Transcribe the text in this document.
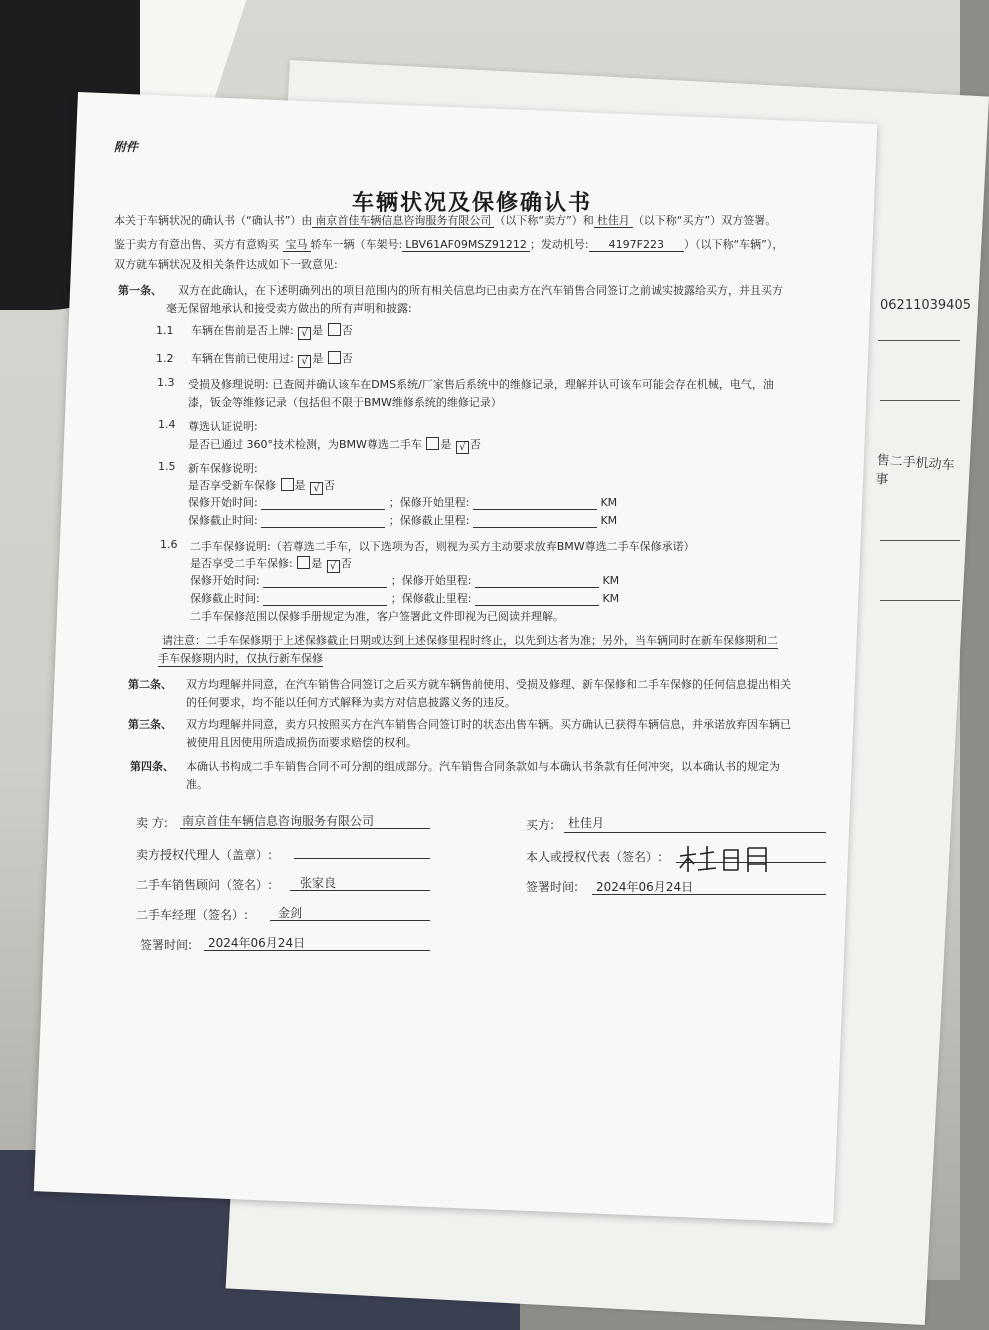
06211039405
售二手机动车事
附件
车辆状况及保修确认书
本关于车辆状况的确认书（“确认书”）由 南京首佳车辆信息咨询服务有限公司 （以下称“卖方”）和 杜佳月 （以下称“买方”）双方签署。
鉴于卖方有意出售、买方有意购买 宝马 轿车一辆（车架号: LBV61AF09MSZ91212 ；发动机号: 4197F223 ）（以下称“车辆”），
双方就车辆状况及相关条件达成如下一致意见:
第一条、 双方在此确认，在下述明确列出的项目范围内的所有相关信息均已由卖方在汽车销售合同签订之前诚实披露给买方，并且买方
毫无保留地承认和接受卖方做出的所有声明和披露:
1.1 车辆在售前是否上牌: √ 是 否
1.2 车辆在售前已使用过: √ 是 否
1.3 受损及修理说明: 已查阅并确认该车在DMS系统/厂家售后系统中的维修记录，理解并认可该车可能会存在机械，电气，油
漆，钣金等维修记录（包括但不限于BMW维修系统的维修记录）
1.4 尊选认证说明:
是否已通过 360°技术检测，为BMW尊选二手车 是 √ 否
1.5 新车保修说明:
是否享受新车保修 是 √ 否
保修开始时间:	；保修开始里程:	KM
保修截止时间:	；保修截止里程:	KM
1.6 二手车保修说明:（若尊选二手车，以下选项为否，则视为买方主动要求放弃BMW尊选二手车保修承诺）
是否享受二手车保修: 是 √ 否
保修开始时间:	；保修开始里程:	KM
保修截止时间:	；保修截止里程:	KM
二手车保修范围以保修手册规定为准，客户签署此文件即视为已阅读并理解。
请注意：二手车保修期于上述保修截止日期或达到上述保修里程时终止，以先到达者为准；另外，当车辆同时在新车保修期和二
手车保修期内时，仅执行新车保修
第二条、 双方均理解并同意，在汽车销售合同签订之后买方就车辆售前使用、受损及修理、新车保修和二手车保修的任何信息提出相关
的任何要求，均不能以任何方式解释为卖方对信息披露义务的违反。
第三条、 双方均理解并同意，卖方只按照买方在汽车销售合同签订时的状态出售车辆。买方确认已获得车辆信息，并承诺放弃因车辆已
被使用且因使用所造成损伤而要求赔偿的权利。
第四条、 本确认书构成二手车销售合同不可分割的组成部分。汽车销售合同条款如与本确认书条款有任何冲突，以本确认书的规定为
准。
卖 方: 南京首佳车辆信息咨询服务有限公司
卖方授权代理人（盖章）:
二手车销售顾问（签名）: 张家良
二手车经理（签名）: 金剑
签署时间: 2024年06月24日
买方: 杜佳月
本人或授权代表（签名）:
签署时间: 2024年06月24日
